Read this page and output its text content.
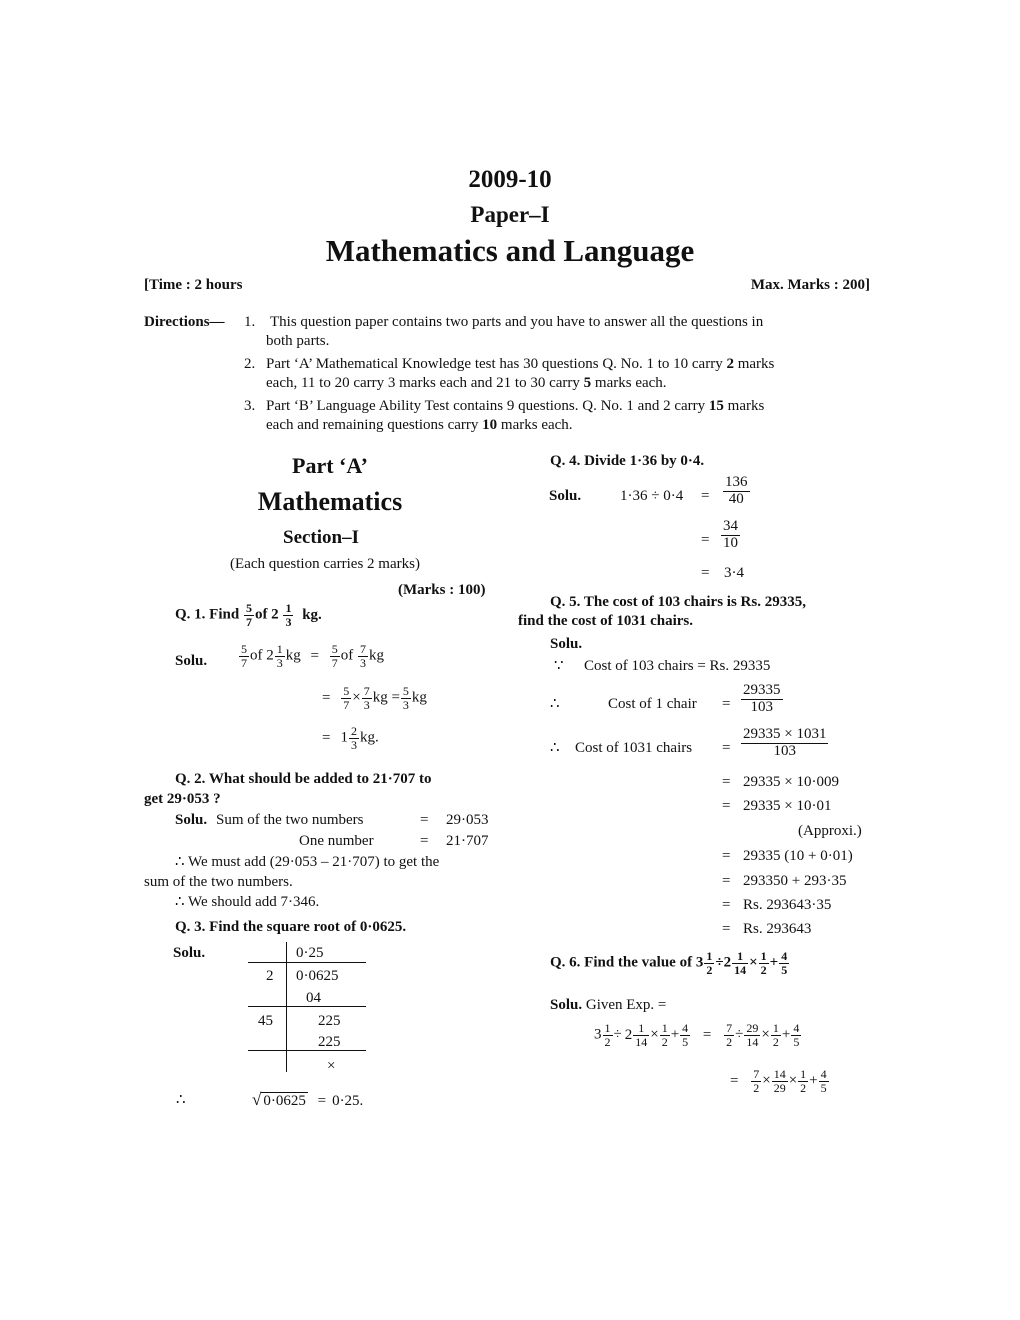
2009-10
Paper–I
Mathematics and Language
[Time : 2 hours	Max. Marks : 200]
Directions— 1. This question paper contains two parts and you have to answer all the questions in
both parts.
2. Part ‘A’ Mathematical Knowledge test has 30 questions Q. No. 1 to 10 carry 2 marks
each, 11 to 20 carry 3 marks each and 21 to 30 carry 5 marks each.
3. Part ‘B’ Language Ability Test contains 9 questions. Q. No. 1 and 2 carry 15 marks
each and remaining questions carry 10 marks each.
Part ‘A’
Mathematics
Section–I
(Each question carries 2 marks)
(Marks : 100)
Q. 1. Find $\frac{5}{7}$ of $2 \frac{1}{3}$ kg.
Solu.	$\frac{5}{7}$ of $2 \frac{1}{3}$ kg = $\frac{5}{7}$ of $\frac{7}{3}$ kg
= $\frac{5}{7} \times \frac{7}{3}$ kg = $\frac{5}{3}$ kg
= $1 \frac{2}{3}$ kg.
Q. 2. What should be added to 21·707 to
get 29·053 ?
Solu. Sum of the two numbers	= 29·053
One number	= 21·707
∴ We must add (29·053 – 21·707) to get the
sum of the two numbers.
∴ We should add 7·346.
Q. 3. Find the square root of 0·0625.
Solu.	0·25
2 0·0625
04
45	225
225
×
∴	√ 0·0625 = 0·25.
Q. 4. Divide 1·36 by 0·4.
Solu.	$1\cdot 36 \div 0\cdot 4 = \frac{136}{40}$
= $\frac{34}{10}$
= 3·4
Q. 5. The cost of 103 chairs is Rs. 29335,
find the cost of 1031 chairs.
Solu.
∵ Cost of 103 chairs = Rs. 29335
∴	Cost of 1 chair = $\frac{29335}{103}$
∴ Cost of 1031 chairs = $\frac{29335 \times 1031}{103}$
= 29335 × 10·009
= 29335 × 10·01
(Approxi.)
= 29335 (10 + 0·01)
= 293350 + 293·35
= Rs. 293643·35
= Rs. 293643
Q. 6. Find the value of $3 \frac{1}{2} \div 2 \frac{1}{14} \times \frac{1}{2} + \frac{4}{5}$
Solu. Given Exp. =
$3 \frac{1}{2} \div 2 \frac{1}{14} \times \frac{1}{2} + \frac{4}{5} = \frac{7}{2} \div \frac{29}{14} \times \frac{1}{2} + \frac{4}{5}$
= $\frac{7}{2} \times \frac{14}{29} \times \frac{1}{2} + \frac{4}{5}$
